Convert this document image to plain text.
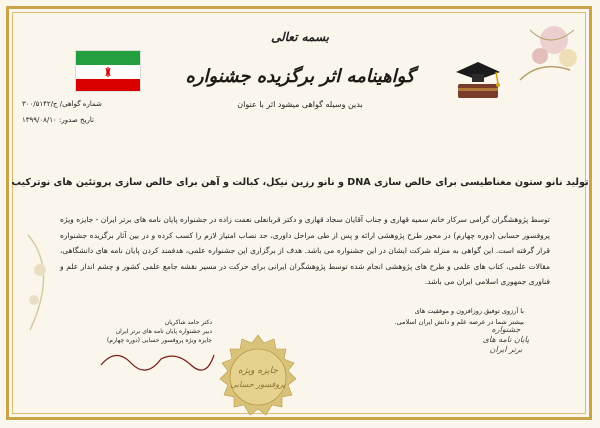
بسمه تعالی
گواهینامه اثر برگزیده جشنواره
شماره گواهی/ ج/۳۰۰/۵۱۴۲
تاریخ صدور: ۱۳۹۹/۰۸/۱۰
بدین وسیله گواهی میشود اثر با عنوان
تولید نانو ستون مغناطیسی برای خالص سازی DNA و نانو رزین نیکل، کبالت و آهن برای خالص سازی پروتئین های نوترکیب
توسط پژوهشگران گرامی سرکار خانم سمیه قهاری و جناب آقایان سجاد قهاری و دکتر قربانعلی نعمت زاده در جشنواره پایان نامه های برتر ایران - جایزه ویژه پروفسور حسابی (دوره چهارم) در محور طرح پژوهشی ارائه و پس از طی مراحل داوری، حد نصاب امتیاز لازم را کسب کرده و در بین آثار برگزیده جشنواره قرار گرفته است. این گواهی به منزله شرکت ایشان در این جشنواره می باشد. هدف از برگزاری این جشنواره علمی، هدفمند کردن پایان نامه های دانشگاهی، مقالات علمی، کتاب های علمی و طرح های پژوهشی انجام شده توسط پژوهشگران ایرانی برای حرکت در مسیر نقشه جامع علمی کشور و چشم انداز علم و فناوری جمهوری اسلامی ایران می باشد.
با آرزوی توفیق روزافزون و موفقیت های
بیشتر شما در عرصه علم و دانش ایران اسلامی.
دکتر حامد شاکریان
دبیر جشنواره پایان نامه های برتر ایران
جایزه ویژه پروفسور حسابی (دوره چهارم)
جایزه ویژه
پروفسور حسابی
جشنواره
پایان نامه های
برتر ایران
